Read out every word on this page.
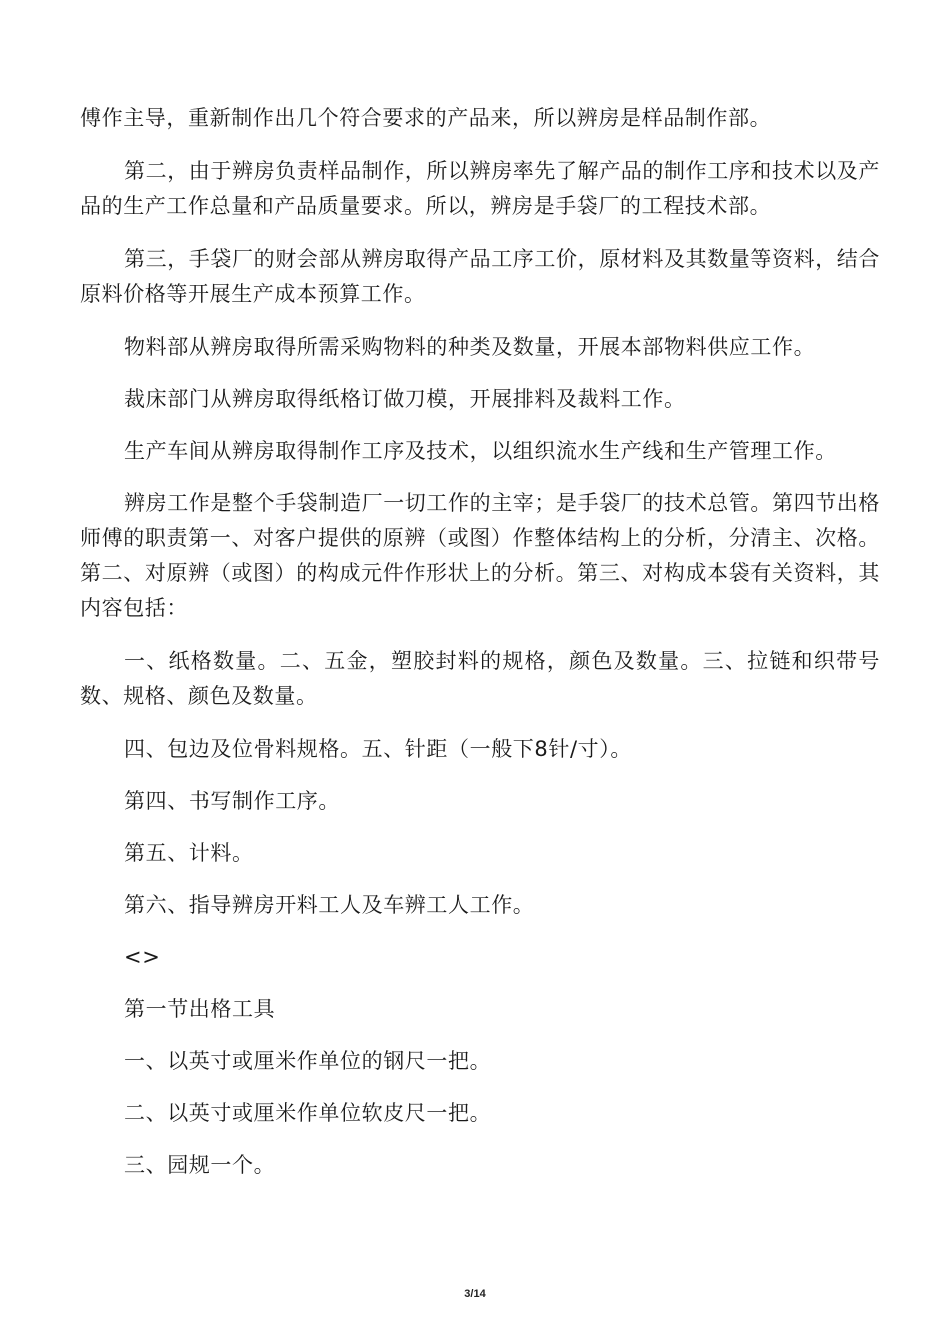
傅作主导，重新制作出几个符合要求的产品来，所以辨房是样品制作部。

第二，由于辨房负责样品制作，所以辨房率先了解产品的制作工序和技术以及产品的生产工作总量和产品质量要求。所以，辨房是手袋厂的工程技术部。

第三，手袋厂的财会部从辨房取得产品工序工价，原材料及其数量等资料，结合原料价格等开展生产成本预算工作。

物料部从辨房取得所需采购物料的种类及数量，开展本部物料供应工作。

裁床部门从辨房取得纸格订做刀模，开展排料及裁料工作。

生产车间从辨房取得制作工序及技术，以组织流水生产线和生产管理工作。

辨房工作是整个手袋制造厂一切工作的主宰；是手袋厂的技术总管。第四节出格师傅的职责第一、对客户提供的原辨（或图）作整体结构上的分析，分清主、次格。第二、对原辨（或图）的构成元件作形状上的分析。第三、对构成本袋有关资料，其内容包括：

一、纸格数量。二、五金，塑胶封料的规格，颜色及数量。三、拉链和织带号数、规格、颜色及数量。

四、包边及位骨料规格。五、针距（一般下8针/寸）。

第四、书写制作工序。

第五、计料。

第六、指导辨房开料工人及车辨工人工作。

<>

第一节出格工具

一、以英寸或厘米作单位的钢尺一把。

二、以英寸或厘米作单位软皮尺一把。

三、园规一个。

3/14
